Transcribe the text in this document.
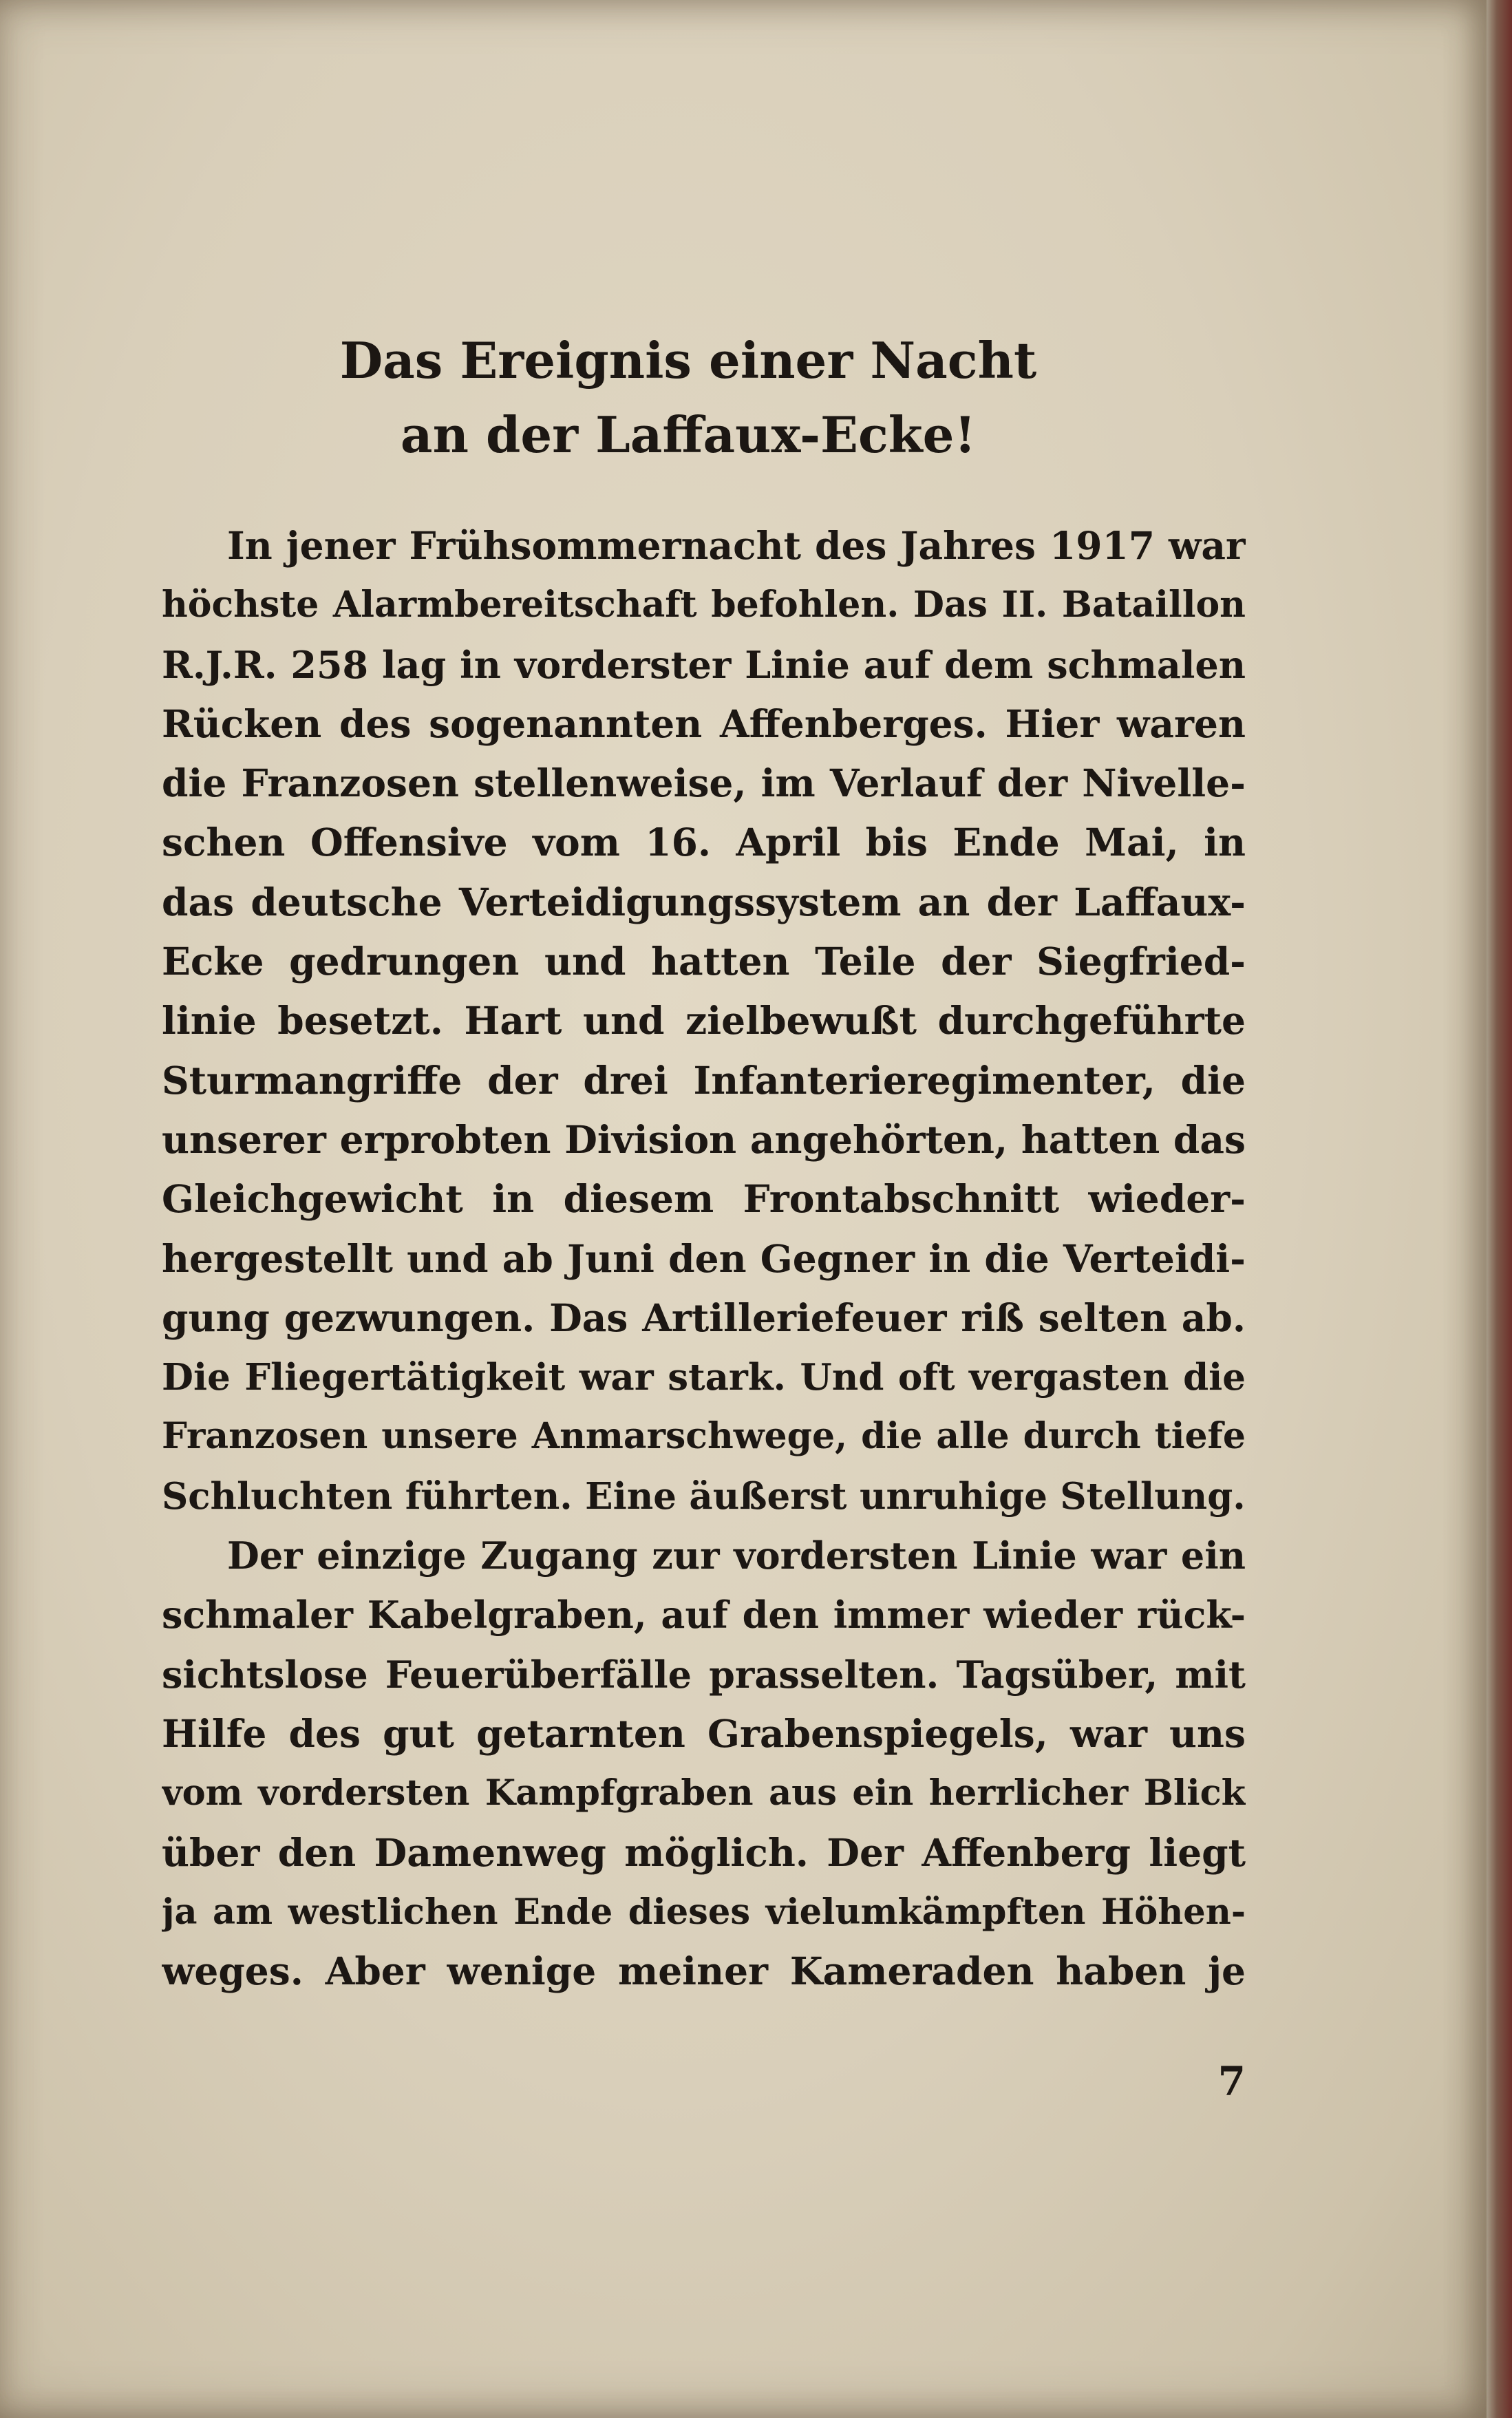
Das Ereignis einer Nacht
an der Laffaux-Ecke!
In jener Frühsommernacht des Jahres 1917 war
höchste Alarmbereitschaft befohlen. Das II. Bataillon
R.J.R. 258 lag in vorderster Linie auf dem schmalen
Rücken des sogenannten Affenberges. Hier waren
die Franzosen stellenweise, im Verlauf der Nivelle-
schen Offensive vom 16. April bis Ende Mai, in
das deutsche Verteidigungssystem an der Laffaux-
Ecke gedrungen und hatten Teile der Siegfried-
linie besetzt. Hart und zielbewußt durchgeführte
Sturmangriffe der drei Infanterieregimenter, die
unserer erprobten Division angehörten, hatten das
Gleichgewicht in diesem Frontabschnitt wieder-
hergestellt und ab Juni den Gegner in die Verteidi-
gung gezwungen. Das Artilleriefeuer riß selten ab.
Die Fliegertätigkeit war stark. Und oft vergasten die
Franzosen unsere Anmarschwege, die alle durch tiefe
Schluchten führten. Eine äußerst unruhige Stellung.
Der einzige Zugang zur vordersten Linie war ein
schmaler Kabelgraben, auf den immer wieder rück-
sichtslose Feuerüberfälle prasselten. Tagsüber, mit
Hilfe des gut getarnten Grabenspiegels, war uns
vom vordersten Kampfgraben aus ein herrlicher Blick
über den Damenweg möglich. Der Affenberg liegt
ja am westlichen Ende dieses vielumkämpften Höhen-
weges. Aber wenige meiner Kameraden haben je
7
